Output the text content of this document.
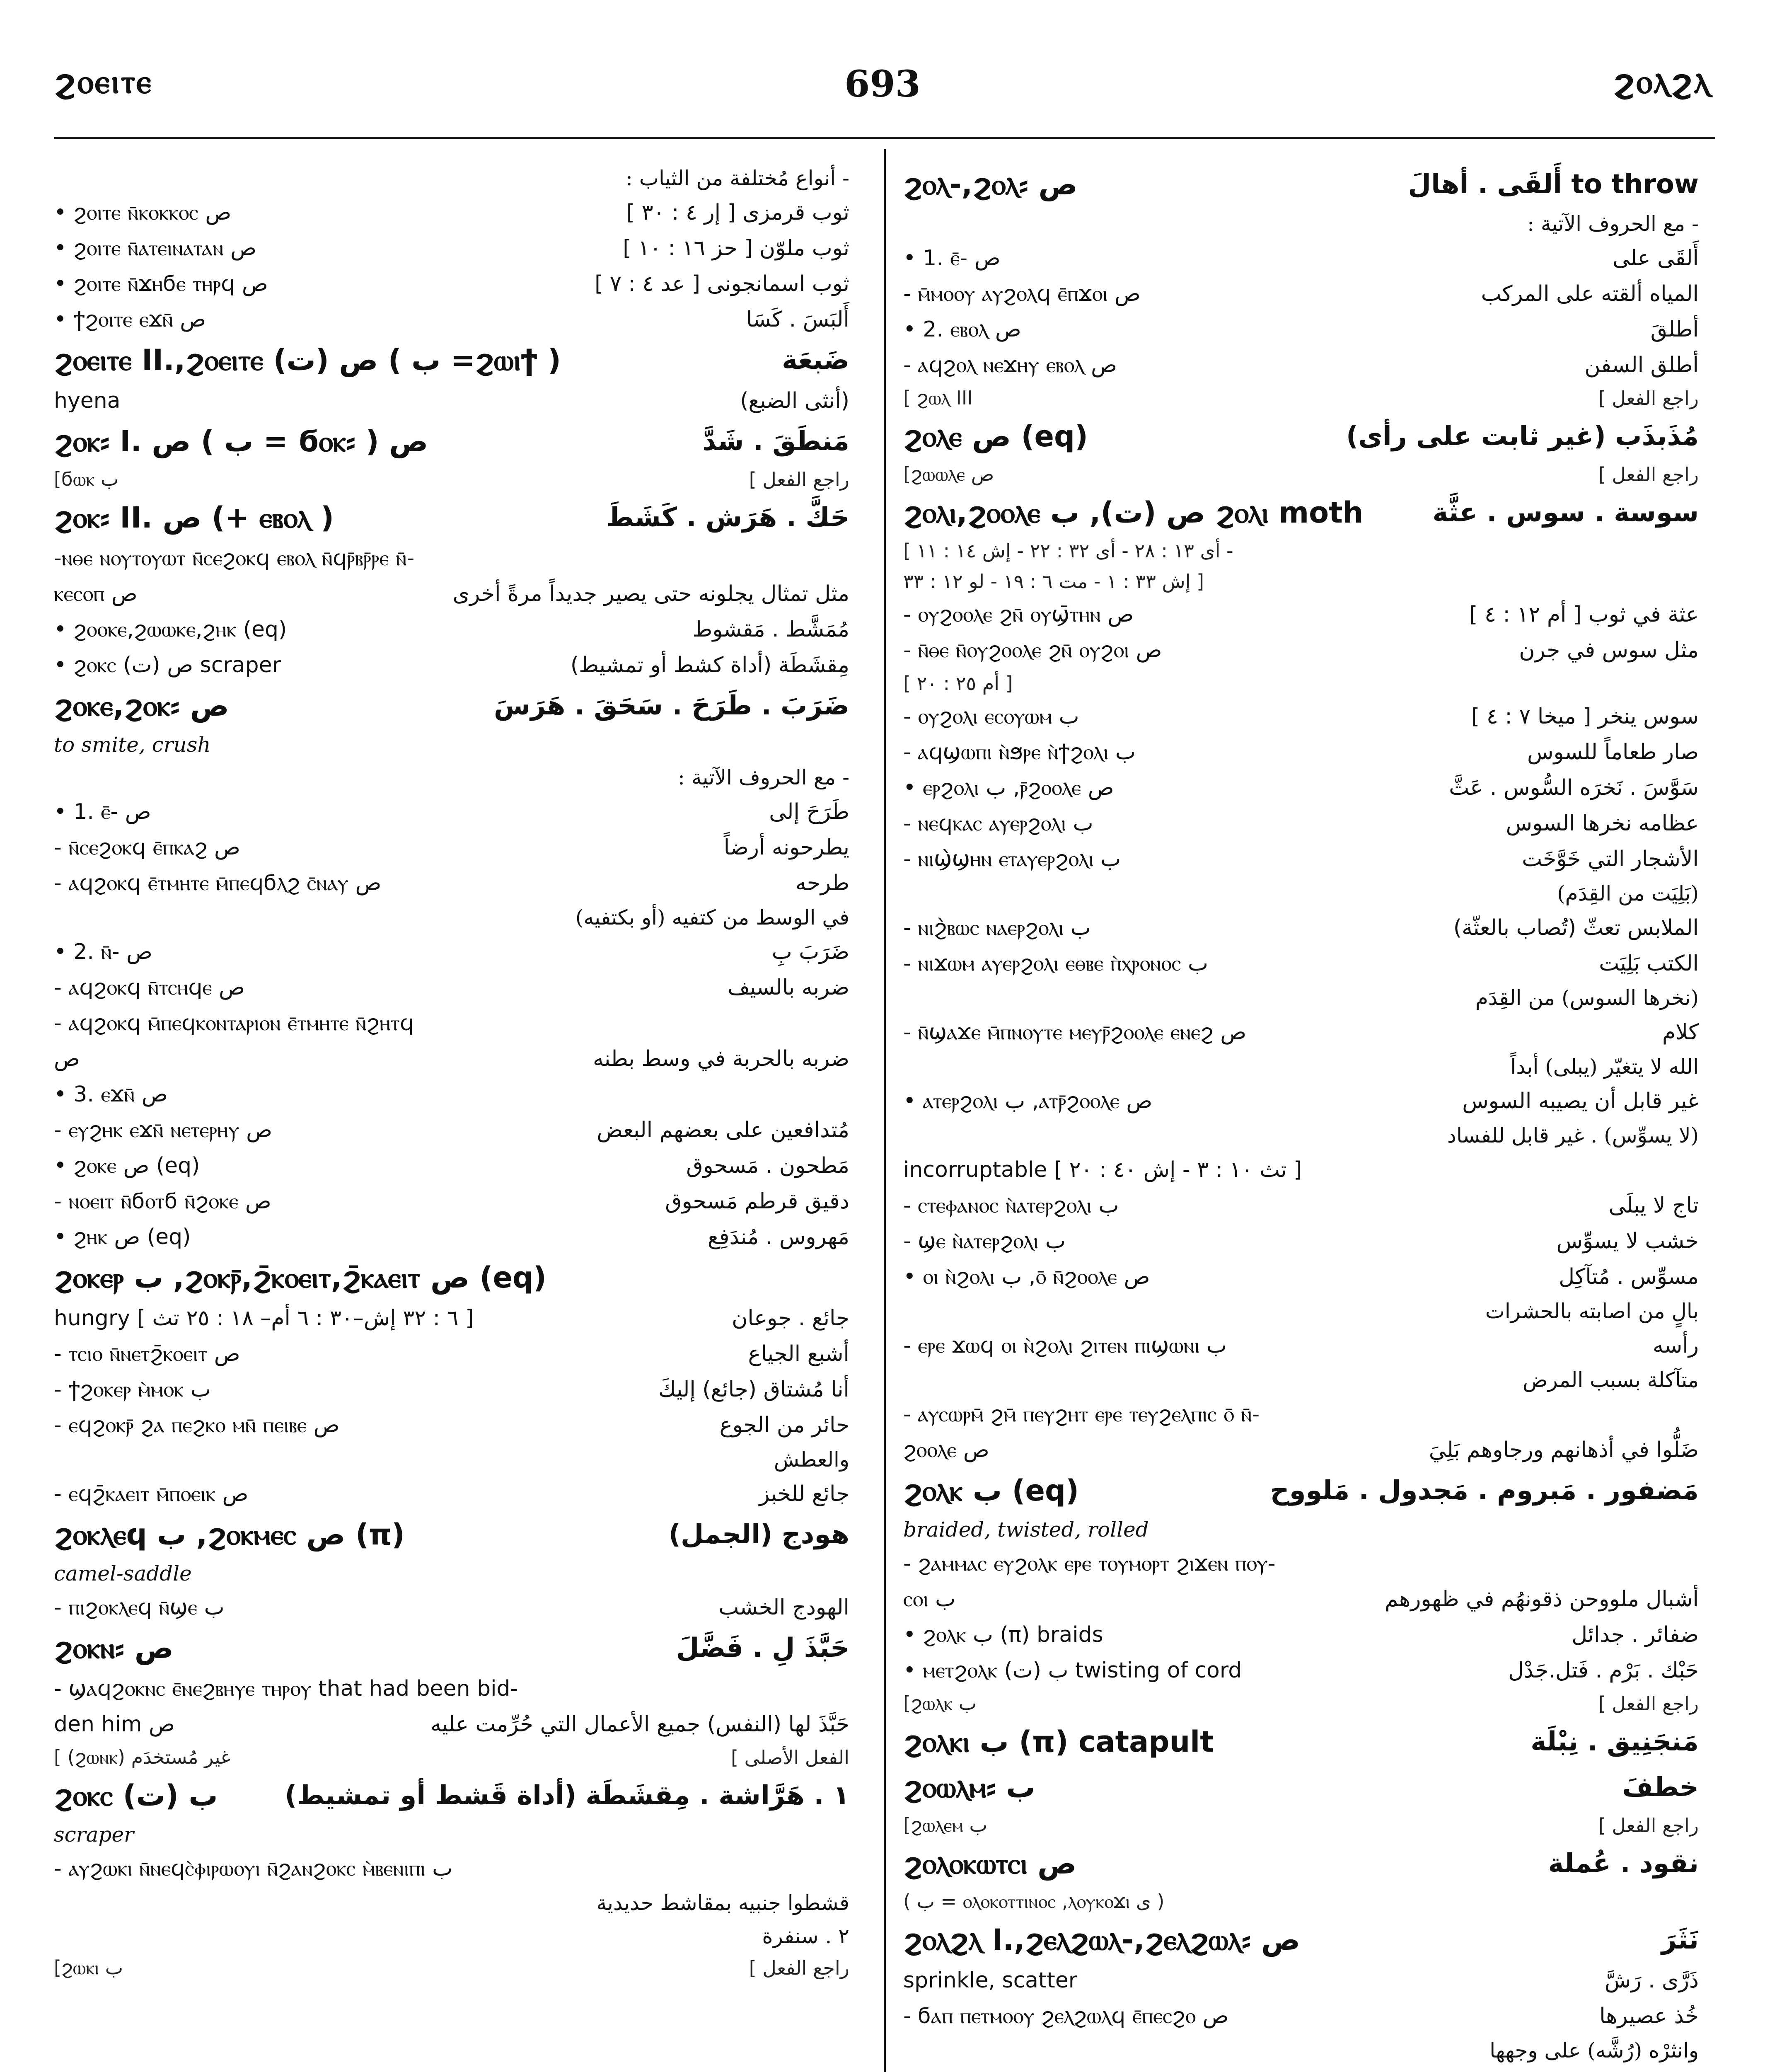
ϩⲟⲉⲓⲧⲉ	693	ϩⲟⲗϩⲗ
- أنواع مُختلفة من الثياب :
• ϩⲟⲓⲧⲉ ⲛ̄ⲕⲟⲕⲕⲟⲥ ص	ثوب قرمزى [ إر ٤ : ٣٠ ]
• ϩⲟⲓⲧⲉ ⲛ̄ⲁⲧⲉⲓⲛⲁⲧⲁⲛ ص	ثوب ملوّن [ حز ١٦ : ١٠ ]
• ϩⲟⲓⲧⲉ ⲛ̄ϫⲏϭⲉ ⲧⲏⲣϥ ص	ثوب اسمانجونى [ عد ٤ : ٧ ]
• ϯϩⲟⲓⲧⲉ ⲉϫⲛ̄ ص	أَلبَسَ . كَسَا
ϩⲟⲉⲓⲧⲉ II.,ϩⲟⲉⲓⲧⲉ ص (ت) ( ب =ϩⲱⲓϯ )	ضَبعَة
hyena	(أنثى الضبع)
ϩⲟⲕ⸗ I. ص ( ب = ϭⲟⲕ⸗ ) ص	مَنطَقَ . شَدَّ
[ϭⲱⲕ ب	راجع الفعل ]
ϩⲟⲕ⸗ II. ص (+ ⲉⲃⲟⲗ )	حَكَّ . هَرَش . كَشَطَ
-ⲛⲑⲉ ⲛⲟⲩⲧⲟⲩⲱⲧ ⲛ̄ⲥⲉϩⲟⲕϥ ⲉⲃⲟⲗ ⲛ̄ϥⲣ̄ⲃⲣ̄ⲣⲉ ⲛ̄-
ⲕⲉⲥⲟⲡ ص	مثل تمثال يجلونه حتى يصير جديداً مرةً أخرى
• ϩⲟⲟⲕⲉ,ϩⲱⲱⲕⲉ,ϩⲏⲕ (eq)	مُمَشَّط . مَقشوط
• ϩⲟⲕⲥ (ت) ص scraper	مِقشَطَة (أداة كشط أو تمشيط)
ϩⲟⲕⲉ,ϩⲟⲕ⸗ ص	ضَرَبَ . طَرَحَ . سَحَقَ . هَرَسَ
to smite, crush
- مع الحروف الآتية :
• 1. ⲉ̄- ص	طَرَحَ إلى
- ⲛ̄ⲥⲉϩⲟⲕϥ ⲉ̄ⲡⲕⲁϩ ص	يطرحونه أرضاً
- ⲁϥϩⲟⲕϥ ⲉ̄ⲧⲙⲏⲧⲉ ⲙ̄ⲡⲉϥϭⲗϩ ⲥ̄ⲛⲁⲩ ص	طرحه
في الوسط من كتفيه (أو بكتفيه)
• 2. ⲛ̄- ص	ضَرَبَ بِ
- ⲁϥϩⲟⲕϥ ⲛ̄ⲧⲥⲏϥⲉ ص	ضربه بالسيف
- ⲁϥϩⲟⲕϥ ⲙ̄ⲡⲉϥⲕⲟⲛⲧⲁⲣⲓⲟⲛ ⲉ̄ⲧⲙⲏⲧⲉ ⲛ̄ϩⲏⲧϥ
ص	ضربه بالحربة في وسط بطنه
• 3. ⲉϫⲛ̄ ص
- ⲉⲩϩⲏⲕ ⲉϫⲛ̄ ⲛⲉⲧⲉⲣⲏⲩ ص	مُتدافعين على بعضهم البعض
• ϩⲟⲕⲉ ص (eq)	مَطحون . مَسحوق
- ⲛⲟⲉⲓⲧ ⲛ̄ϭⲟⲧϭ ⲛ̄ϩⲟⲕⲉ ص	دقيق قرطم مَسحوق
• ϩⲏⲕ ص (eq)	مَهروس . مُندَفِع
ϩⲟⲕⲉⲣ ب ,ϩⲟⲕⲣ̄,ϩ̄ⲕⲟⲉⲓⲧ,ϩ̄ⲕⲁⲉⲓⲧ ص (eq)
hungry [ ٦ : ٣٢ إش–٣٠ : ٦ أم– ١٨ : ٢٥ تث ]	جائع . جوعان
- ⲧⲥⲓⲟ ⲛ̄ⲛⲉⲧϩ̄ⲕⲟⲉⲓⲧ ص	أشبع الجياع
- ϯϩⲟⲕⲉⲣ ⲙ̀ⲙⲟⲕ ب	أنا مُشتاق (جائع) إليكَ
- ⲉϥϩⲟⲕⲣ̄ ϩⲁ ⲡⲉϩⲕⲟ ⲙⲛ̄ ⲡⲉⲓⲃⲉ ص	حائر من الجوع
والعطش
- ⲉϥϩ̄ⲕⲁⲉⲓⲧ ⲙ̄ⲡⲟⲉⲓⲕ ص	جائع للخبز
ϩⲟⲕⲗⲉϥ ب ,ϩⲟⲕⲙⲉⲥ ص (π)	هودج (الجمل)
camel-saddle
- ⲡⲓϩⲟⲕⲗⲉϥ ⲛ̄ϣⲉ ب	الهودج الخشب
ϩⲟⲕⲛ⸗ ص	حَبَّذَ لِ . فَضَّلَ
- ϣⲁϥϩⲟⲕⲛⲥ ⲉ̄ⲛⲉϩⲃⲏⲩⲉ ⲧⲏⲣⲟⲩ that had been bid-
den him ص	حَبَّذَ لها (النفس) جميع الأعمال التي حُرِّمت عليه
[ (ϩⲱⲛⲕ) غير مُستخدَم	الفعل الأصلى ]
ϩⲟⲕⲥ (ت) ب	١ . هَرَّاشة . مِقشَطَة (أداة قَشط أو تمشيط)
scraper
- ⲁⲩϩⲱⲕⲓ ⲛ̄ⲛⲉϥⲥ̀ⲫⲓⲣⲱⲟⲩⲓ ⲛ̄ϩⲁⲛϩⲟⲕⲥ ⲙ̀ⲃⲉⲛⲓⲡⲓ ب
قشطوا جنبيه بمقاشط حديدية
٢ . سنفرة
[ϩⲱⲕⲓ ب	راجع الفعل ]
ϩⲟⲗ-,ϩⲟⲗ⸗ ص	to throw أَلقَى . أهالَ
- مع الحروف الآتية :
• 1. ⲉ̄- ص	أَلقَى على
- ⲙ̄ⲙⲟⲟⲩ ⲁⲩϩⲟⲗϥ ⲉ̄ⲡϫⲟⲓ ص	المياه ألقته على المركب
• 2. ⲉⲃⲟⲗ ص	أطلقَ
- ⲁϥϩⲟⲗ ⲛⲉϫⲏⲩ ⲉⲃⲟⲗ ص	أطلق السفن
[ ϩⲱⲗ III	راجع الفعل ]
ϩⲟⲗⲉ ص (eq)	مُذَبذَب (غير ثابت على رأى)
[ϩⲱⲱⲗⲉ ص	راجع الفعل ]
ϩⲟⲗⲓ,ϩⲟⲟⲗⲉ ص (ت), ب ϩⲟⲗⲓ moth	سوسة . سوس . عثَّة
[ أى ١٣ : ٢٨ - أى ٣٢ : ٢٢ - إش ١٤ : ١١ -
إش ٣٣ : ١ - مت ٦ : ١٩ - لو ١٢ : ٣٣ ]
- ⲟⲩϩⲟⲟⲗⲉ ϩⲛ̄ ⲟⲩϣ̄ⲧⲏⲛ ص	عثة في ثوب [ أم ١٢ : ٤ ]
- ⲛ̄ⲑⲉ ⲛ̄ⲟⲩϩⲟⲟⲗⲉ ϩⲛ̄ ⲟⲩϩⲟⲓ ص	مثل سوس في جرن
[ أم ٢٥ : ٢٠ ]
- ⲟⲩϩⲟⲗⲓ ⲉⲥⲟⲩⲱⲙ ب	سوس ينخر [ ميخا ٧ : ٤ ]
- ⲁϥϣⲱⲡⲓ ⲛ̀ϧⲣⲉ ⲛ̀ϯϩⲟⲗⲓ ب	صار طعاماً للسوس
• ⲉⲣϩⲟⲗⲓ ب ,ⲣ̄ϩⲟⲟⲗⲉ ص	سَوَّسَ . نَخرَه السُّوس . عَثَّ
- ⲛⲉϥⲕⲁⲥ ⲁⲩⲉⲣϩⲟⲗⲓ ب	عظامه نخرها السوس
- ⲛⲓϣ̀ϣⲏⲛ ⲉⲧⲁⲩⲉⲣϩⲟⲗⲓ ب	الأشجار التي خَوَّخَت
(بَلِيَت من القِدَم)
- ⲛⲓϩ̀ⲃⲱⲥ ⲛⲁⲉⲣϩⲟⲗⲓ ب	الملابس تعثّ (تُصاب بالعثّة)
- ⲛⲓϫⲱⲙ ⲁⲩⲉⲣϩⲟⲗⲓ ⲉⲑⲃⲉ ⲡ̀ⲭⲣⲟⲛⲟⲥ ب	الكتب بَلِيَت
(نخرها السوس) من القِدَم
- ⲛ̄ϣⲁϫⲉ ⲙ̄ⲡⲛⲟⲩⲧⲉ ⲙⲉⲩⲣ̄ϩⲟⲟⲗⲉ ⲉⲛⲉϩ ص	كلام
الله لا يتغيّر (يبلى) أبداً
• ⲁⲧⲉⲣϩⲟⲗⲓ ب ,ⲁⲧⲣ̄ϩⲟⲟⲗⲉ ص	غير قابل أن يصيبه السوس
(لا يسوِّس) . غير قابل للفساد
incorruptable [ تث ١٠ : ٣ - إش ٤٠ : ٢٠ ]
- ⲥⲧⲉⲫⲁⲛⲟⲥ ⲛ̀ⲁⲧⲉⲣϩⲟⲗⲓ ب	تاج لا يبلَى
- ϣⲉ ⲛ̀ⲁⲧⲉⲣϩⲟⲗⲓ ب	خشب لا يسوِّس
• ⲟⲓ ⲛ̀ϩⲟⲗⲓ ب ,ⲟ̄ ⲛ̄ϩⲟⲟⲗⲉ ص	مسوِّس . مُتآكِل
بالٍ من اصابته بالحشرات
- ⲉⲣⲉ ϫⲱϥ ⲟⲓ ⲛ̀ϩⲟⲗⲓ ϩⲓⲧⲉⲛ ⲡⲓϣⲱⲛⲓ ب	رأسه
متآكلة بسبب المرض
- ⲁⲩⲥⲱⲣⲙ̄ ϩⲙ̄ ⲡⲉⲩϩⲏⲧ ⲉⲣⲉ ⲧⲉⲩϩⲉⲗⲡⲓⲥ ⲟ̄ ⲛ̄-
ϩⲟⲟⲗⲉ ص	ضَلُّوا في أذهانهم ورجاوهم بَلِيَ
ϩⲟⲗⲕ ب (eq)	مَضفور . مَبروم . مَجدول . مَلووح
braided, twisted, rolled
- ϩⲁⲙⲙⲁⲥ ⲉⲩϩⲟⲗⲕ ⲉⲣⲉ ⲧⲟⲩⲙⲟⲣⲧ ϩⲓϫⲉⲛ ⲡⲟⲩ-
ⲥⲟⲓ ب	أشبال ملووحن ذقونهُم في ظهورهم
• ϩⲟⲗⲕ ب (π) braids	ضفائر . جدائل
• ⲙⲉⲧϩⲟⲗⲕ ب (ت) twisting of cord	حَبْك . بَرْم . فَتل.جَدْل
[ϩⲱⲗⲕ ب	راجع الفعل ]
ϩⲟⲗⲕⲓ ب (π) catapult	مَنجَنِيق . نِبْلَة
ϩⲟⲱⲗⲙ⸗ ب	خطفَ
[ϩⲱⲗⲉⲙ ب	راجع الفعل ]
ϩⲟⲗⲟⲕⲱⲧⲥⲓ ص	نقود . عُملة
( ب = ⲟⲗⲟⲕⲟⲧⲧⲓⲛⲟⲥ ,ⲗⲟⲩⲕⲟϫⲓ ى )
ϩⲟⲗϩⲗ I.,ϩⲉⲗϩⲱⲗ-,ϩⲉⲗϩⲱⲗ⸗ ص	نَثَرَ
sprinkle, scatter	ذَرَّى . رَشَّ
- ϭⲁⲡ ⲡⲉⲧⲙⲟⲟⲩ ϩⲉⲗϩⲱⲗϥ ⲉ̄ⲡⲉⲥϩⲟ ص	خُذ عصيرها
وانثرْه (رُشَّه) على وجهها
